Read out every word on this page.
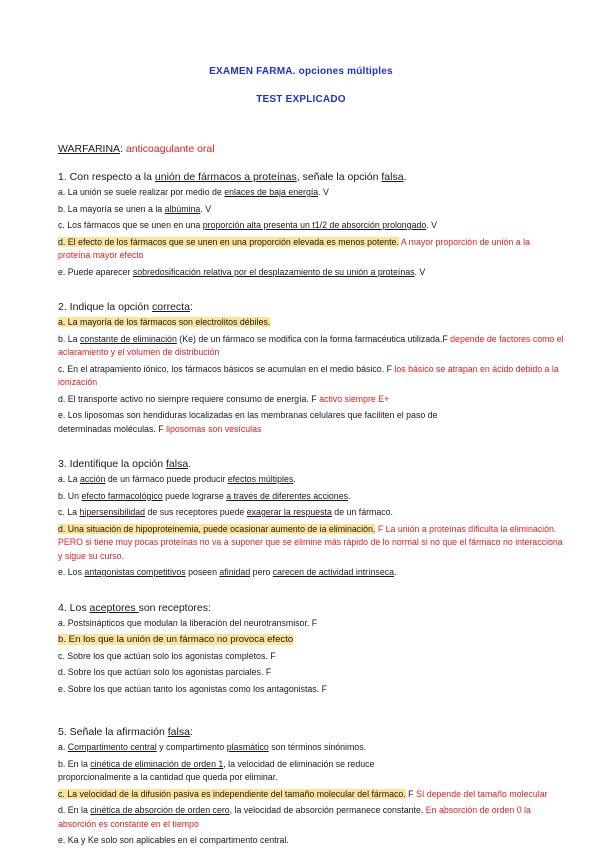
EXAMEN FARMA. opciones múltiples
TEST EXPLICADO
WARFARINA: anticoagulante oral
1. Con respecto a la unión de fármacos a proteínas, señale la opción falsa.

a. La unión se suele realizar por medio de enlaces de baja energía. V

b. La mayoría se unen a la albúmina. V

c. Los fármacos que se unen en una proporción alta presenta un t1/2 de absorción prolongado. V

d. El efecto de los fármacos que se unen en una proporción elevada es menos potente. A mayor proporción de unión a la proteína mayor efecto

e. Puede aparecer sobredosificación relativa por el desplazamiento de su unión a proteínas. V

2. Indique la opción correcta:

a. La mayoría de los fármacos son electrolitos débiles.

b. La constante de eliminación (Ke) de un fármaco se modifica con la forma farmacéutica utilizada.F depende de factores como el aclaramiento y el volumen de distribución

c. En el atrapamiento iónico, los fármacos básicos se acumulan en el medio básico. F los básico se atrapan en ácido debido a la ionización

d. El transporte activo no siempre requiere consumo de energía. F activo siempre E+

e. Los liposomas son hendiduras localizadas en las membranas celulares que faciliten el paso de determinadas moléculas. F liposomas son vesículas

3. Identifique la opción falsa.

a. La acción de un fármaco puede producir efectos múltiples.

b. Un efecto farmacológico puede lograrse a través de diferentes acciones.

c. La hipersensibilidad de sus receptores puede exagerar la respuesta de un fármaco.

d. Una situación de hipoproteinemia, puede ocasionar aumento de ia eliminación. F La unión a proteínas dificulta la eliminación. PERO si tiene muy pocas proteínas no va a suponer que se elimine más rápido de lo normal si no que el fármaco no interacciona y sigue su curso.

e. Los antagonistas competitivos poseen afinidad pero carecen de actividad intrínseca.

4. Los aceptores son receptores:

a. Postsinápticos que modulan la liberación del neurotransmisor. F

b. En los que la unión de un fármaco no provoca efecto

c. Sobre los que actúan solo los agonistas completos. F

d. Sobre los que actúan solo los agonistas parciales. F

e. Sobre los que actúan tanto los agonistas como los antagonistas. F

5. Señale la afirmación falsa:

a. Compartimento central y compartimento plasmático son términos sinónimos.

b. En la cinética de eliminación de orden 1, la velocidad de eliminación se reduce proporcionalmente a la cantidad que queda por eliminar.

c. La velocidad de la difusión pasiva es independiente del tamaño molecular del fármaco. F SI depende del tamaño molecular

d. En la cinética de absorción de orden cero, la velocidad de absorción permanece constante. En absorción de orden 0 la absorción es constante en el tiempo

e. Ka y Ke solo son aplicables en el compartimento central.
